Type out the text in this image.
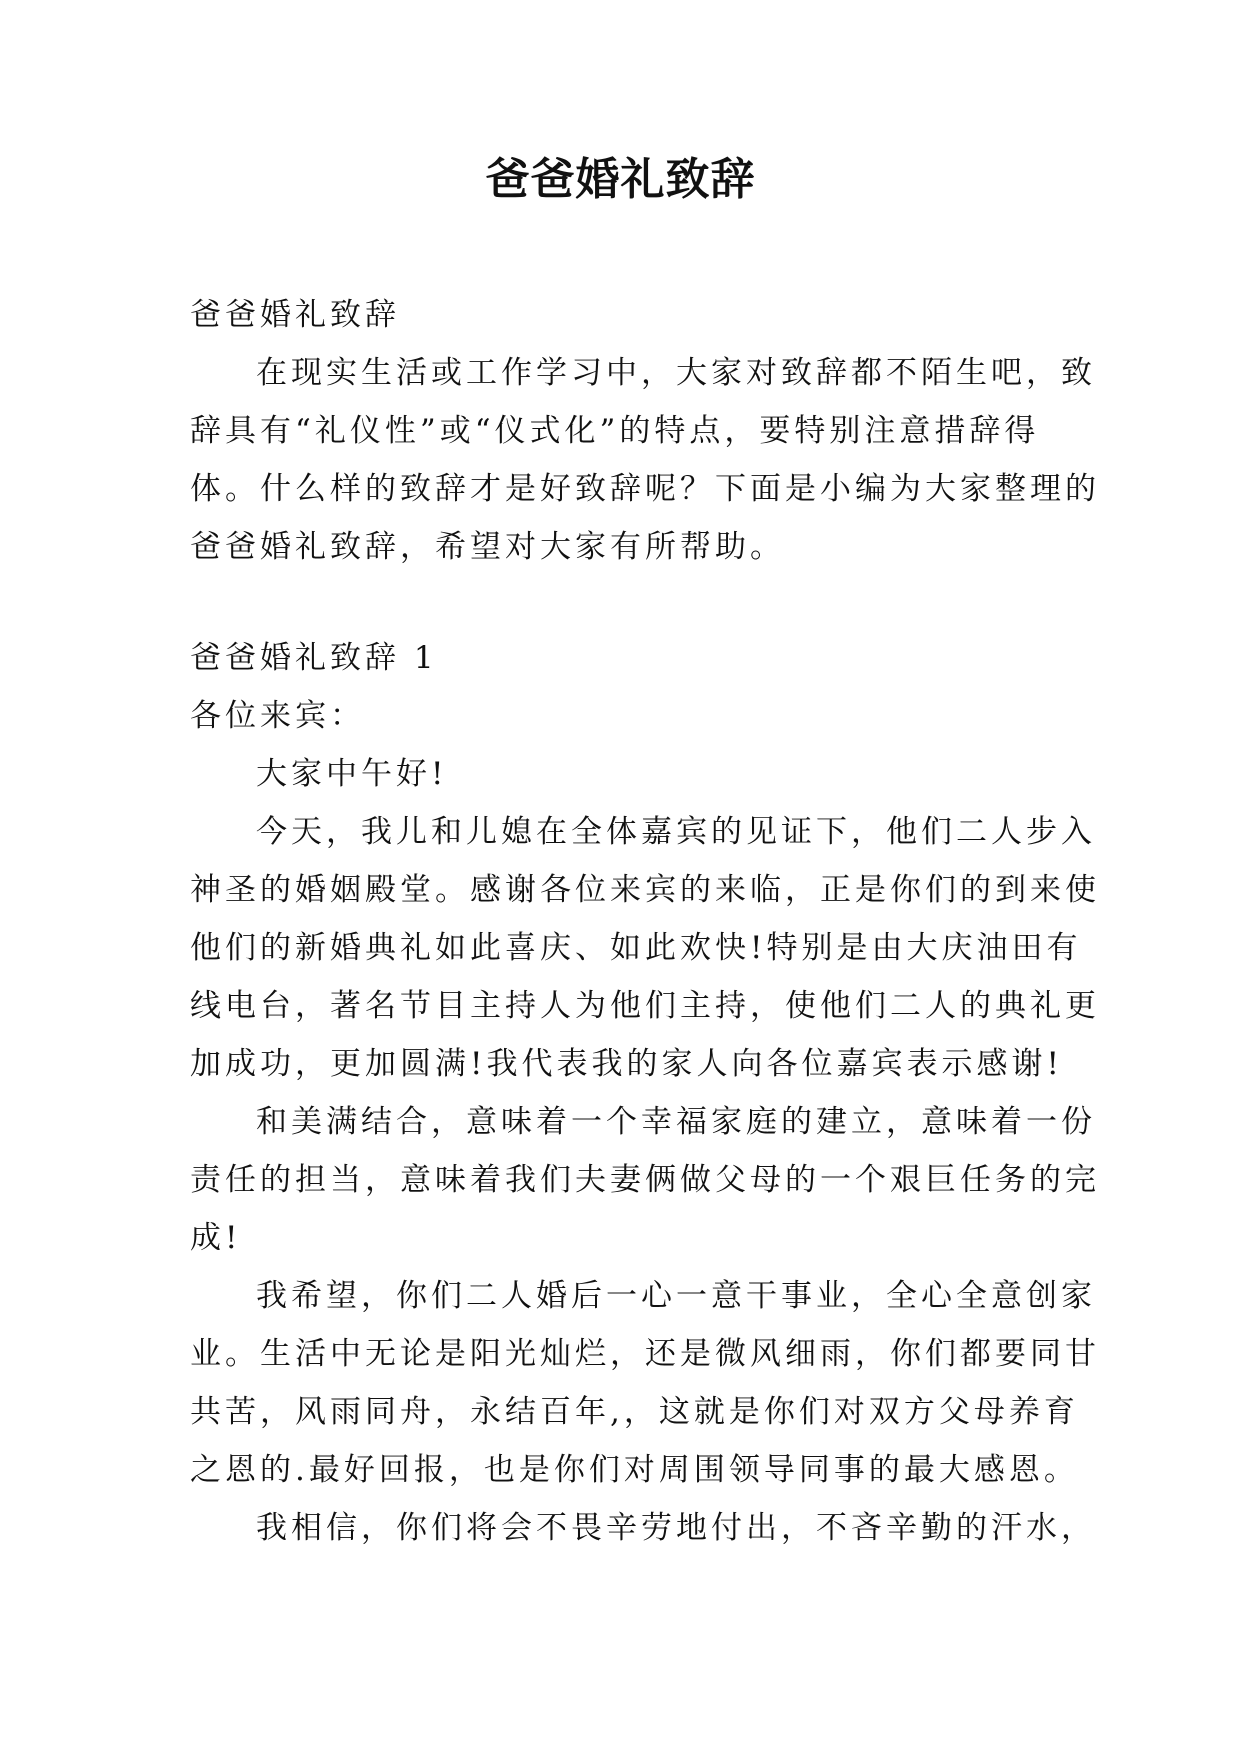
爸爸婚礼致辞
爸爸婚礼致辞
在现实生活或工作学习中，大家对致辞都不陌生吧，致
辞具有“礼仪性”或“仪式化”的特点，要特别注意措辞得
体。什么样的致辞才是好致辞呢？下面是小编为大家整理的
爸爸婚礼致辞，希望对大家有所帮助。
爸爸婚礼致辞 1
各位来宾：
大家中午好!
今天，我儿和儿媳在全体嘉宾的见证下，他们二人步入
神圣的婚姻殿堂。感谢各位来宾的来临，正是你们的到来使
他们的新婚典礼如此喜庆、如此欢快!特别是由大庆油田有
线电台，著名节目主持人为他们主持，使他们二人的典礼更
加成功，更加圆满!我代表我的家人向各位嘉宾表示感谢!
和美满结合，意味着一个幸福家庭的建立，意味着一份
责任的担当，意味着我们夫妻俩做父母的一个艰巨任务的完
成!
我希望，你们二人婚后一心一意干事业，全心全意创家
业。生活中无论是阳光灿烂，还是微风细雨，你们都要同甘
共苦，风雨同舟，永结百年,，这就是你们对双方父母养育
之恩的.最好回报，也是你们对周围领导同事的最大感恩。
我相信，你们将会不畏辛劳地付出，不吝辛勤的汗水，
